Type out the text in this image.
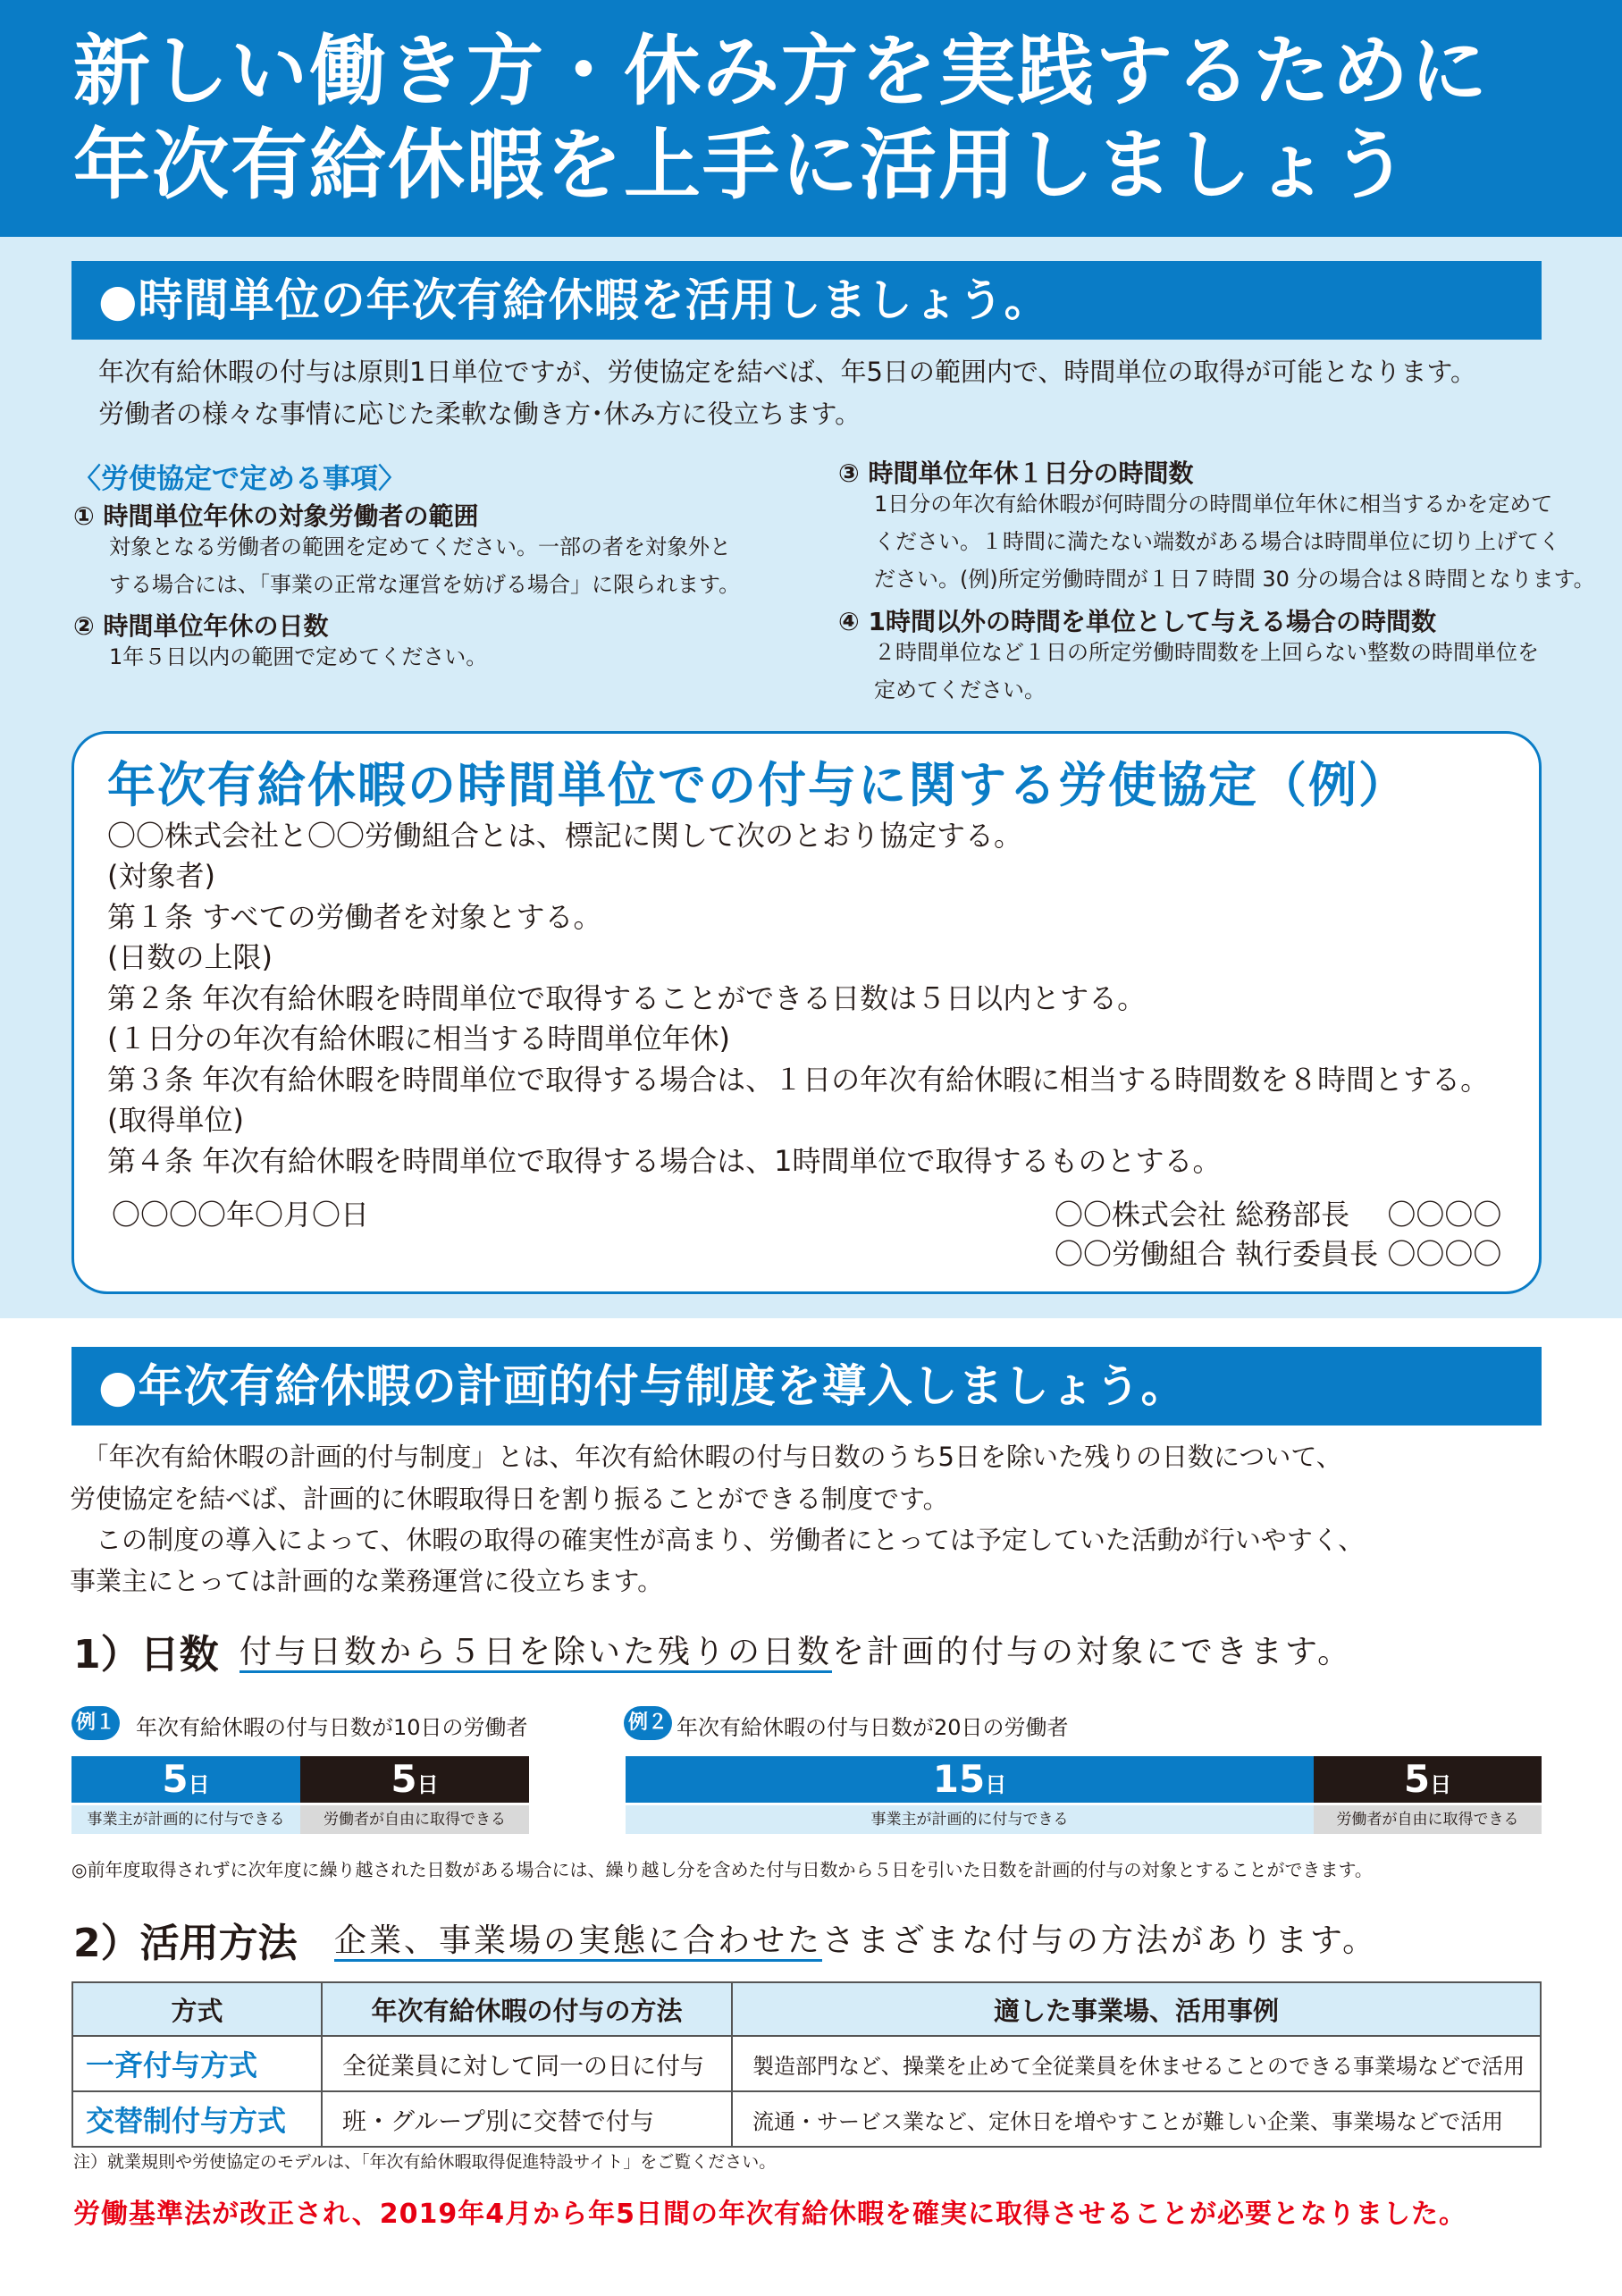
新しい働き方・休み方を実践するために
年次有給休暇を上手に活用しましょう
●時間単位の年次有給休暇を活用しましょう。
年次有給休暇の付与は原則1日単位ですが、労使協定を結べば、年5日の範囲内で、時間単位の取得が可能となります。
労働者の様々な事情に応じた柔軟な働き方･休み方に役立ちます。
〈労使協定で定める事項〉
① 時間単位年休の対象労働者の範囲
対象となる労働者の範囲を定めてください。一部の者を対象外と
する場合には、「事業の正常な運営を妨げる場合」に限られます。
② 時間単位年休の日数
1年５日以内の範囲で定めてください。
③ 時間単位年休１日分の時間数
1日分の年次有給休暇が何時間分の時間単位年休に相当するかを定めて
ください。１時間に満たない端数がある場合は時間単位に切り上げてく
ださい。(例)所定労働時間が１日７時間 30 分の場合は８時間となります。
④ 1時間以外の時間を単位として与える場合の時間数
２時間単位など１日の所定労働時間数を上回らない整数の時間単位を
定めてください。
年次有給休暇の時間単位での付与に関する労使協定（例）
〇〇株式会社と〇〇労働組合とは、標記に関して次のとおり協定する。
(対象者)
第１条 すべての労働者を対象とする。
(日数の上限)
第２条 年次有給休暇を時間単位で取得することができる日数は５日以内とする。
(１日分の年次有給休暇に相当する時間単位年休)
第３条 年次有給休暇を時間単位で取得する場合は、１日の年次有給休暇に相当する時間数を８時間とする。
(取得単位)
第４条 年次有給休暇を時間単位で取得する場合は、1時間単位で取得するものとする。
〇〇〇〇年〇月〇日	〇〇株式会社 総務部長　 〇〇〇〇
〇〇労働組合 執行委員長 〇〇〇〇
●年次有給休暇の計画的付与制度を導入しましょう。
　「年次有給休暇の計画的付与制度」とは、年次有給休暇の付与日数のうち5日を除いた残りの日数について、
労使協定を結べば、計画的に休暇取得日を割り振ることができる制度です。
　この制度の導入によって、休暇の取得の確実性が高まり、労働者にとっては予定していた活動が行いやすく、
事業主にとっては計画的な業務運営に役立ちます。
1）日数 付与日数から５日を除いた残りの日数を計画的付与の対象にできます。
例１ 年次有給休暇の付与日数が10日の労働者
5日	5日
事業主が計画的に付与できる	労働者が自由に取得できる
例２ 年次有給休暇の付与日数が20日の労働者
15日	5日
事業主が計画的に付与できる	労働者が自由に取得できる
◎前年度取得されずに次年度に繰り越された日数がある場合には、繰り越し分を含めた付与日数から５日を引いた日数を計画的付与の対象とすることができます。
2）活用方法 企業、事業場の実態に合わせたさまざまな付与の方法があります。
方式	年次有給休暇の付与の方法	適した事業場、活用事例
一斉付与方式	全従業員に対して同一の日に付与	製造部門など、操業を止めて全従業員を休ませることのできる事業場などで活用
交替制付与方式	班・グループ別に交替で付与	流通・サービス業など、定休日を増やすことが難しい企業、事業場などで活用
注）就業規則や労使協定のモデルは、「年次有給休暇取得促進特設サイト」をご覧ください。
労働基準法が改正され、2019年4月から年5日間の年次有給休暇を確実に取得させることが必要となりました。
